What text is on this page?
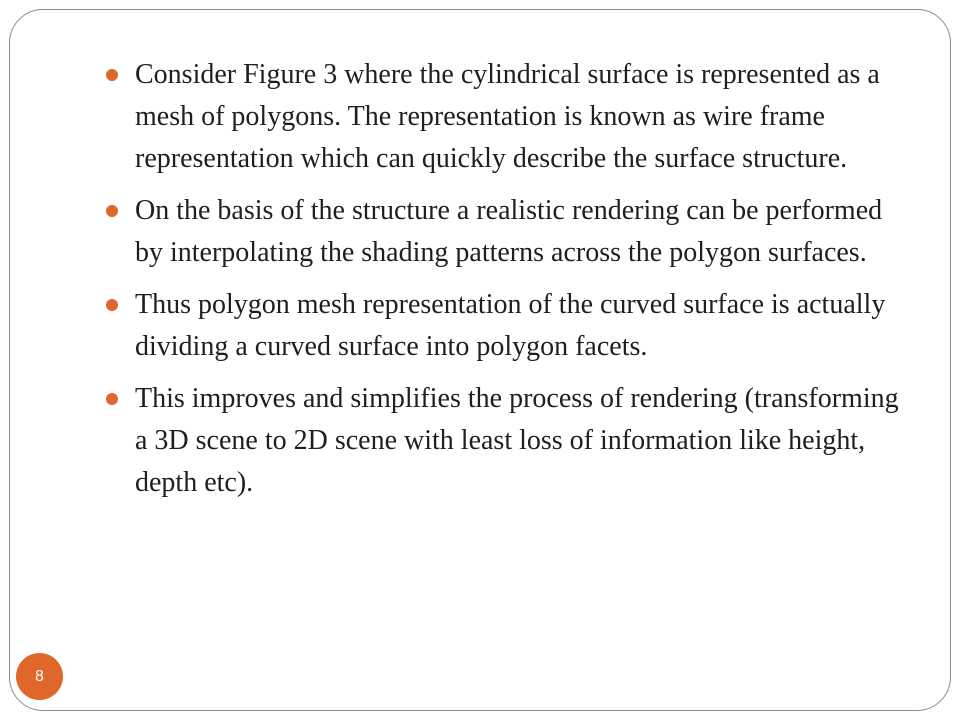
Consider Figure 3 where the cylindrical surface is represented as a mesh of polygons. The representation is known as wire frame representation which can quickly describe the surface structure.
On the basis of the structure a realistic rendering can be performed by interpolating the shading patterns across the polygon surfaces.
Thus polygon mesh representation of the curved surface is actually dividing a curved surface into polygon facets.
This improves and simplifies the process of rendering (transforming a 3D scene to 2D scene with least loss of information like height, depth etc).
8
